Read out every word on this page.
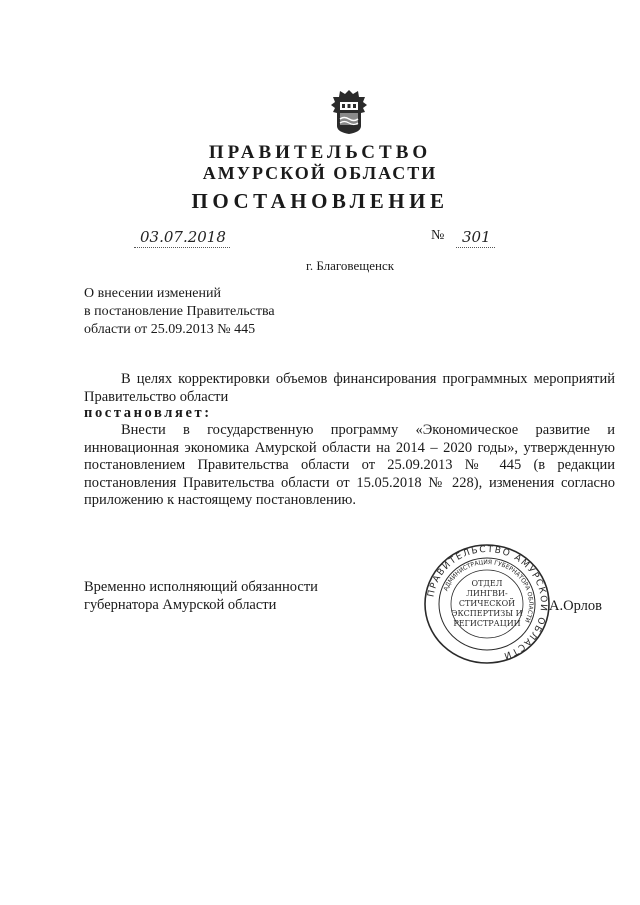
ПРАВИТЕЛЬСТВО
АМУРСКОЙ ОБЛАСТИ
ПОСТАНОВЛЕНИЕ
03.07.2018	№ 301
г. Благовещенск
О внесении изменений
в постановление Правительства
области от 25.09.2013 № 445
В целях корректировки объемов финансирования программных мероприятий Правительство области
постановляет:
Внести в государственную программу «Экономическое развитие и инновационная экономика Амурской области на 2014 – 2020 годы», утвержденную постановлением Правительства области от 25.09.2013 № 445 (в редакции постановления Правительства области от 15.05.2018 № 228), изменения согласно приложению к настоящему постановлению.
Временно исполняющий обязанности
губернатора Амурской области
ПРАВИТЕЛЬСТВО АМУРСКОЙ ОБЛАСТИ
АДМИНИСТРАЦИЯ ГУБЕРНАТОРА ОБЛАСТИ
ОТДЕЛ
ЛИНГВИ-
СТИЧЕСКОЙ
ЭКСПЕРТИЗЫ И
РЕГИСТРАЦИИ
А.Орлов
